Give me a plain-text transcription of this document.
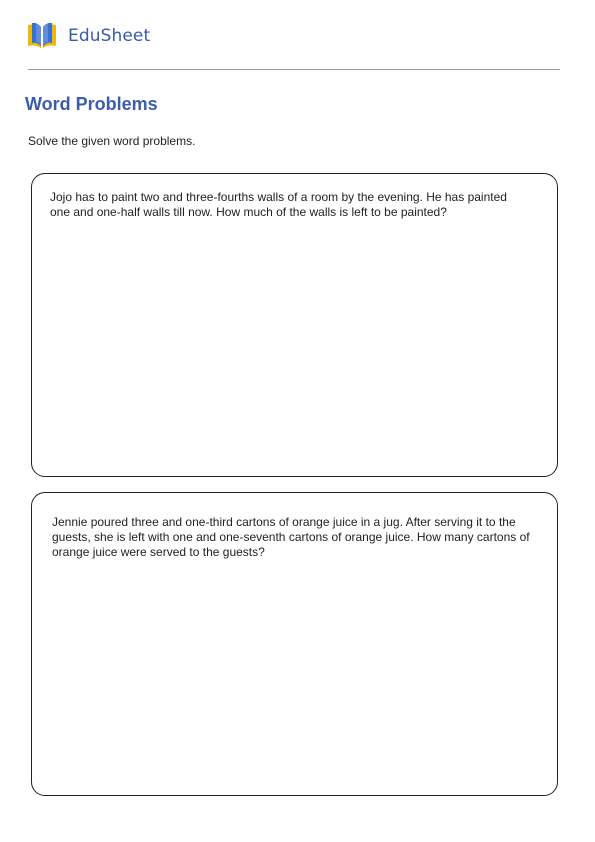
EduSheet
Word Problems

Solve the given word problems.

Jojo has to paint two and three-fourths walls of a room by the evening. He has painted one and one-half walls till now. How much of the walls is left to be painted?

Jennie poured three and one-third cartons of orange juice in a jug. After serving it to the guests, she is left with one and one-seventh cartons of orange juice. How many cartons of orange juice were served to the guests?
